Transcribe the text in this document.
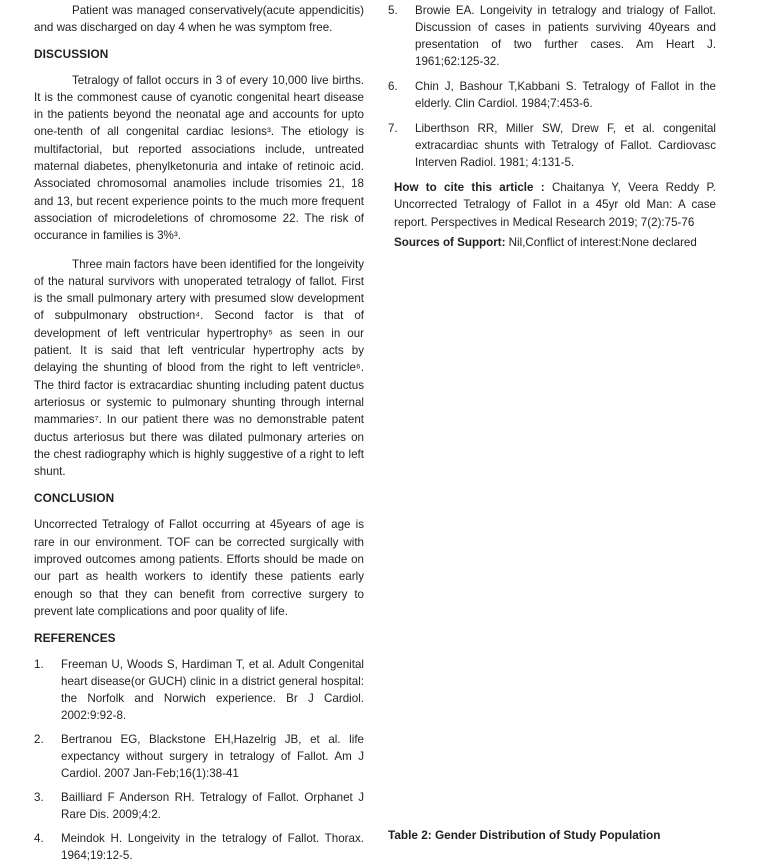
Patient was managed conservatively(acute appendicitis) and was discharged on day 4 when he was symptom free.

DISCUSSION

Tetralogy of fallot occurs in 3 of every 10,000 live births. It is the commonest cause of cyanotic congenital heart disease in the patients beyond the neonatal age and accounts for upto one-tenth of all congenital cardiac lesions³. The etiology is multifactorial, but reported associations include, untreated maternal diabetes, phenylketonuria and intake of retinoic acid. Associated chromosomal anamolies include trisomies 21, 18 and 13, but recent experience points to the much more frequent association of microdeletions of chromosome 22. The risk of occurance in families is 3%³.

Three main factors have been identified for the longeivity of the natural survivors with unoperated tetralogy of fallot. First is the small pulmonary artery with presumed slow development of subpulmonary obstruction⁴. Second factor is that of development of left ventricular hypertrophy⁵ as seen in our patient. It is said that left ventricular hypertrophy acts by delaying the shunting of blood from the right to left ventricle⁶. The third factor is extracardiac shunting including patent ductus arteriosus or systemic to pulmonary shunting through internal mammaries⁷. In our patient there was no demonstrable patent ductus arteriosus but there was dilated pulmonary arteries on the chest radiography which is highly suggestive of a right to left shunt.

CONCLUSION

Uncorrected Tetralogy of Fallot occurring at 45years of age is rare in our environment. TOF can be corrected surgically with improved outcomes among patients. Efforts should be made on our part as health workers to identify these patients early enough so that they can benefit from corrective surgery to prevent late complications and poor quality of life.

REFERENCES
1. Freeman U, Woods S, Hardiman T, et al. Adult Congenital heart disease(or GUCH) clinic in a district general hospital: the Norfolk and Norwich experience. Br J Cardiol. 2002:9:92-8.
2. Bertranou EG, Blackstone EH,Hazelrig JB, et al. life expectancy without surgery in tetralogy of Fallot. Am J Cardiol. 2007 Jan-Feb;16(1):38-41
3. Bailliard F Anderson RH. Tetralogy of Fallot. Orphanet J Rare Dis. 2009;4:2.
4. Meindok H. Longeivity in the tetralogy of Fallot. Thorax. 1964;19:12-5.
5. Browie EA. Longeivity in tetralogy and trialogy of Fallot. Discussion of cases in patients surviving 40years and presentation of two further cases. Am Heart J. 1961;62:125-32.
6. Chin J, Bashour T,Kabbani S. Tetralogy of Fallot in the elderly. Clin Cardiol. 1984;7:453-6.
7. Liberthson RR, Miller SW, Drew F, et al. congenital extracardiac shunts with Tetralogy of Fallot. Cardiovasc Interven Radiol. 1981; 4:131-5.

How to cite this article : Chaitanya Y, Veera Reddy P. Uncorrected Tetralogy of Fallot in a 45yr old Man: A case report. Perspectives in Medical Research 2019; 7(2):75-76

Sources of Support: Nil,Conflict of interest:None declared

Table 2: Gender Distribution of Study Population
